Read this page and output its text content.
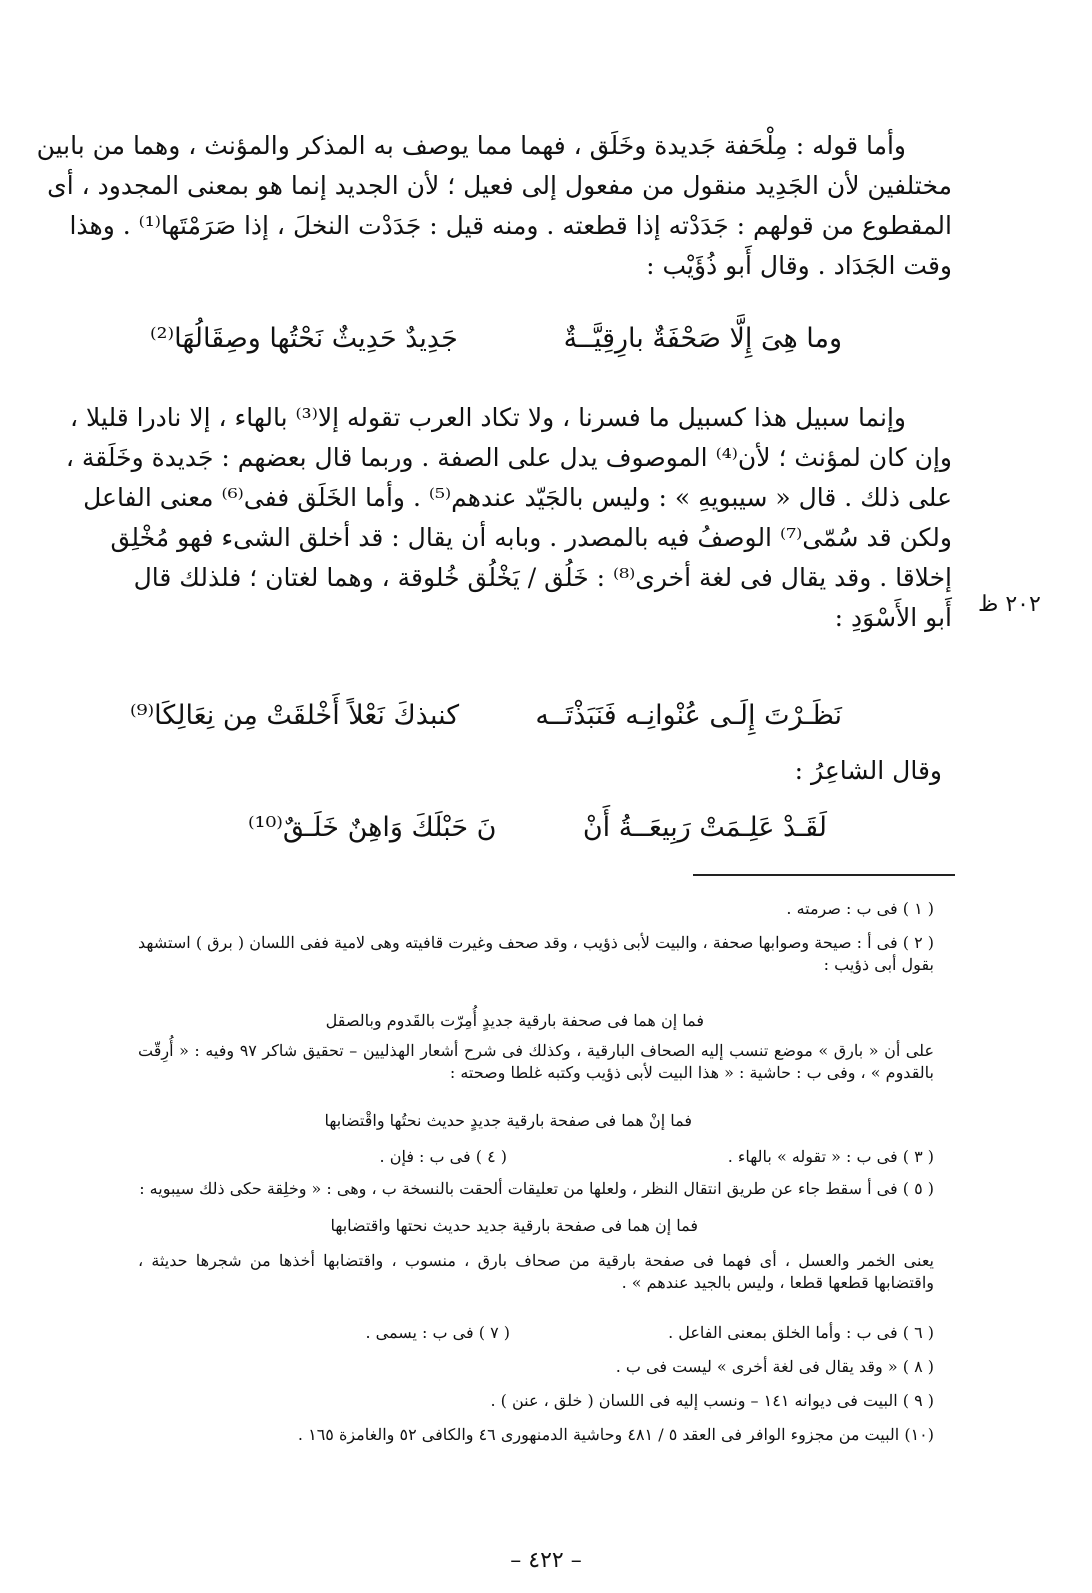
وأما قوله : مِلْحَفة جَديدة وخَلَق ، فهما مما يوصف به المذكر والمؤنث ، وهما من بابين
مختلفين لأن الجَدِيد منقول من مفعول إلى فعيل ؛ لأن الجديد إنما هو بمعنى المجدود ، أى
المقطوع من قولهم : جَدَدْته إذا قطعته . ومنه قيل : جَدَدْت النخلَ ، إذا صَرَمْتَها⁽¹⁾ . وهذا
وقت الجَدَاد . وقال أَبو ذُؤَيْب :
وما هِىَ إِلَّا صَحْفَةٌ بارِقِيَّــةٌ
جَدِيدٌ حَدِيثٌ نَحْتُها وصِقَالُهَا⁽²⁾
وإنما سبيل هذا كسبيل ما فسرنا ، ولا تكاد العرب تقوله إلا⁽³⁾ بالهاء ، إلا نادرا قليلا ،
وإن كان لمؤنث ؛ لأن⁽⁴⁾ الموصوف يدل على الصفة . وربما قال بعضهم : جَديدة وخَلَقة ،
على ذلك . قال « سيبويهِ » : وليس بالجَيّد عندهم⁽⁵⁾ . وأما الخَلَق ففى⁽⁶⁾ معنى الفاعل
ولكن قد سُمّى⁽⁷⁾ الوصفُ فيه بالمصدر . وبابه أن يقال : قد أخلق الشىء فهو مُخْلِق
إخلاقا . وقد يقال فى لغة أخرى⁽⁸⁾ : خَلُق / يَخْلُق خُلوقة ، وهما لغتان ؛ فلذلك قال
أَبو الأَسْوَدِ : ٢٠٢ ظ
نَظَـرْتَ إِلَـى عُنْوانِـه فَنَبَذْتَــه
كنبذكَ نَعْلاً أَخْلقَتْ مِن نِعَالِكَا⁽⁹⁾
وقال الشاعِرُ :
لَقَـدْ عَلِـمَتْ رَبِيعَــةُ أَنْ
نَ حَبْلَكَ وَاهِنٌ خَلَـقٌ⁽¹⁰⁾
( ١ ) فى ب : صرمته .
( ٢ ) فى أ : صيحة وصوابها صحفة ، والبيت لأبى ذؤيب ، وقد صحف وغيرت قافيته وهى لامية ففى اللسان ( برق ) استشهد بقول أبى ذؤيب :
فما إن هما فى صحفة بارقية جديدٍ أُمِرّت بالقَدوم وبالصقل
على أن « بارق » موضع تنسب إليه الصحاف البارقية ، وكذلك فى شرح أشعار الهذليين – تحقيق شاكر ٩٧ وفيه : « أُرِقّت بالقدوم » ، وفى ب : حاشية : « هذا البيت لأبى ذؤيب وكتبه غلطا وصحته :
فما إنْ هما فى صفحة بارقية جديدٍ حديث نحتُها واقْتضابها
( ٣ ) فى ب : « تقوله » بالهاء .
( ٤ ) فى ب : فإن .
( ٥ ) فى أ سقط جاء عن طريق انتقال النظر ، ولعلها من تعليقات ألحقت بالنسخة ب ، وهى : « وخلِقة حكى ذلك سيبويه :
فما إن هما فى صفحة بارقية جديد حديث نحتها واقتضابها
يعنى الخمر والعسل ، أى فهما فى صفحة بارقية من صحاف بارق ، منسوب ، واقتضابها أخذها من شجرها حديثة ، واقتضابها قطعها قطعا ، وليس بالجيد عندهم » .
( ٦ ) فى ب : وأما الخلق بمعنى الفاعل .
( ٧ ) فى ب : يسمى .
( ٨ ) « وقد يقال فى لغة أخرى » ليست فى ب .
( ٩ ) البيت فى ديوانه ١٤١ – ونسب إليه فى اللسان ( خلق ، عنن ) .
(١٠) البيت من مجزوء الوافر فى العقد ٥ / ٤٨١ وحاشية الدمنهورى ٤٦ والكافى ٥٢ والغامزة ١٦٥ .
– ٤٢٢ –
